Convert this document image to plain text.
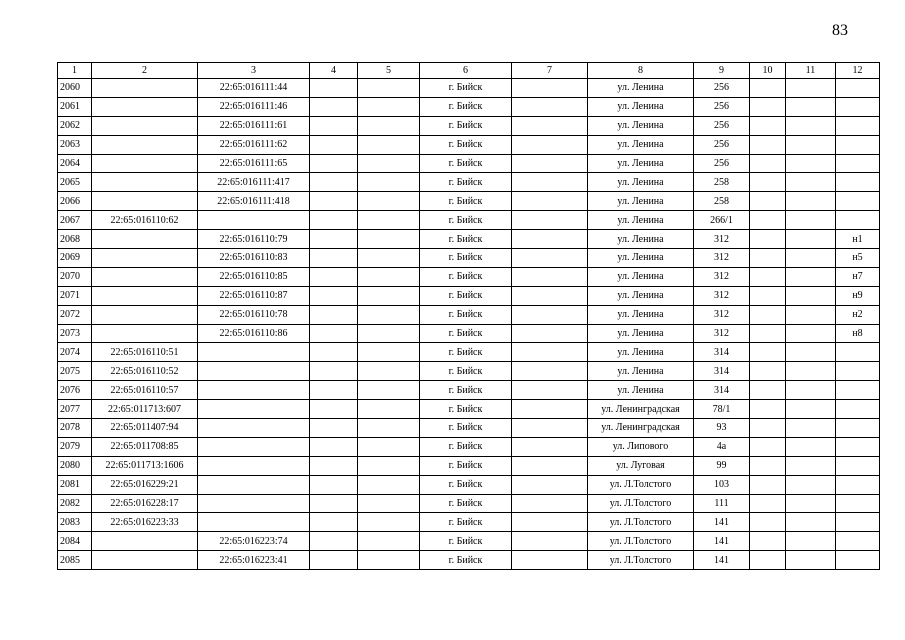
83
1	2	3	4	5	6	7	8	9	10	11	12
2060		22:65:016111:44			г. Бийск		ул. Ленина	256			
2061		22:65:016111:46			г. Бийск		ул. Ленина	256			
2062		22:65:016111:61			г. Бийск		ул. Ленина	256			
2063		22:65:016111:62			г. Бийск		ул. Ленина	256			
2064		22:65:016111:65			г. Бийск		ул. Ленина	256			
2065		22:65:016111:417			г. Бийск		ул. Ленина	258			
2066		22:65:016111:418			г. Бийск		ул. Ленина	258			
2067	22:65:016110:62				г. Бийск		ул. Ленина	266/1			
2068		22:65:016110:79			г. Бийск		ул. Ленина	312			н1
2069		22:65:016110:83			г. Бийск		ул. Ленина	312			н5
2070		22:65:016110:85			г. Бийск		ул. Ленина	312			н7
2071		22:65:016110:87			г. Бийск		ул. Ленина	312			н9
2072		22:65:016110:78			г. Бийск		ул. Ленина	312			н2
2073		22:65:016110:86			г. Бийск		ул. Ленина	312			н8
2074	22:65:016110:51				г. Бийск		ул. Ленина	314			
2075	22:65:016110:52				г. Бийск		ул. Ленина	314			
2076	22:65:016110:57				г. Бийск		ул. Ленина	314			
2077	22:65:011713:607				г. Бийск		ул. Ленинградская	78/1			
2078	22:65:011407:94				г. Бийск		ул. Ленинградская	93			
2079	22:65:011708:85				г. Бийск		ул. Липового	4а			
2080	22:65:011713:1606				г. Бийск		ул. Луговая	99			
2081	22:65:016229:21				г. Бийск		ул. Л.Толстого	103			
2082	22:65:016228:17				г. Бийск		ул. Л.Толстого	111			
2083	22:65:016223:33				г. Бийск		ул. Л.Толстого	141			
2084		22:65:016223:74			г. Бийск		ул. Л.Толстого	141			
2085		22:65:016223:41			г. Бийск		ул. Л.Толстого	141			
